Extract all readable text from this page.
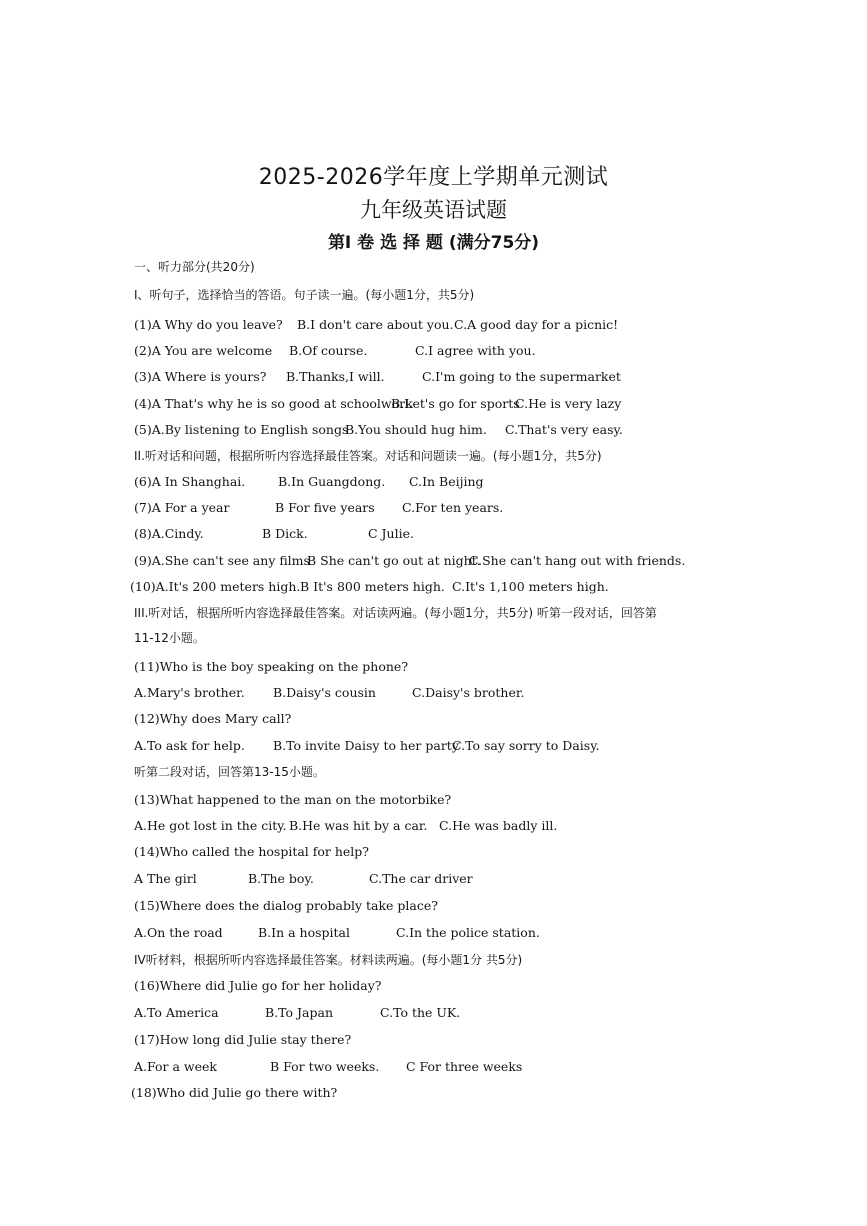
2025-2026学年度上学期单元测试
九年级英语试题
第I 卷 选 择 题 (满分75分)
一、听力部分(共20分)
I、听句子，选择恰当的答语。句子读一遍。(每小题1分，共5分)
(1)A Why do you leave? B.I don't care about you. C.A good day for a picnic!
(2)A You are welcome B.Of course.	C.I agree with you.
(3)A Where is yours? B.Thanks,I will.	C.I'm going to the supermarket
(4)A That's why he is so good at schoolwork
B.Let's go for sports
C.He is very lazy
(5)A.By listening to English songs
B.You should hug him. C.That's very easy.
II.听对话和问题，根据所听内容选择最佳答案。对话和问题读一遍。(每小题1分，共5分)
(6)A In Shanghai.	B.In Guangdong. C.In Beijing
(7)A For a year	B For five years C.For ten years.
(8)A.Cindy.	B Dick.	C Julie.
(9)A.She can't see any films
B She can't go out at night.
C.She can't hang out with friends.
(10)A.It's 200 meters high. B It's 800 meters high. C.It's 1,100 meters high.
III.听对话，根据所听内容选择最佳答案。对话读两遍。(每小题1分，共5分) 听第一段对话，回答第
11-12小题。
(11)Who is the boy speaking on the phone?
A.Mary's brother. B.Daisy's cousin	C.Daisy's brother.
(12)Why does Mary call?
A.To ask for help. B.To invite Daisy to her party
C.To say sorry to Daisy.
听第二段对话，回答第13-15小题。
(13)What happened to the man on the motorbike?
A.He got lost in the city. B.He was hit by a car. C.He was badly ill.
(14)Who called the hospital for help?
A The girl	B.The boy.	C.The car driver
(15)Where does the dialog probably take place?
A.On the road	B.In a hospital	C.In the police station.
IV听材料，根据所听内容选择最佳答案。材料读两遍。(每小题1分 共5分)
(16)Where did Julie go for her holiday?
A.To America	B.To Japan	C.To the UK.
(17)How long did Julie stay there?
A.For a week	B For two weeks. C For three weeks
(18)Who did Julie go there with?
